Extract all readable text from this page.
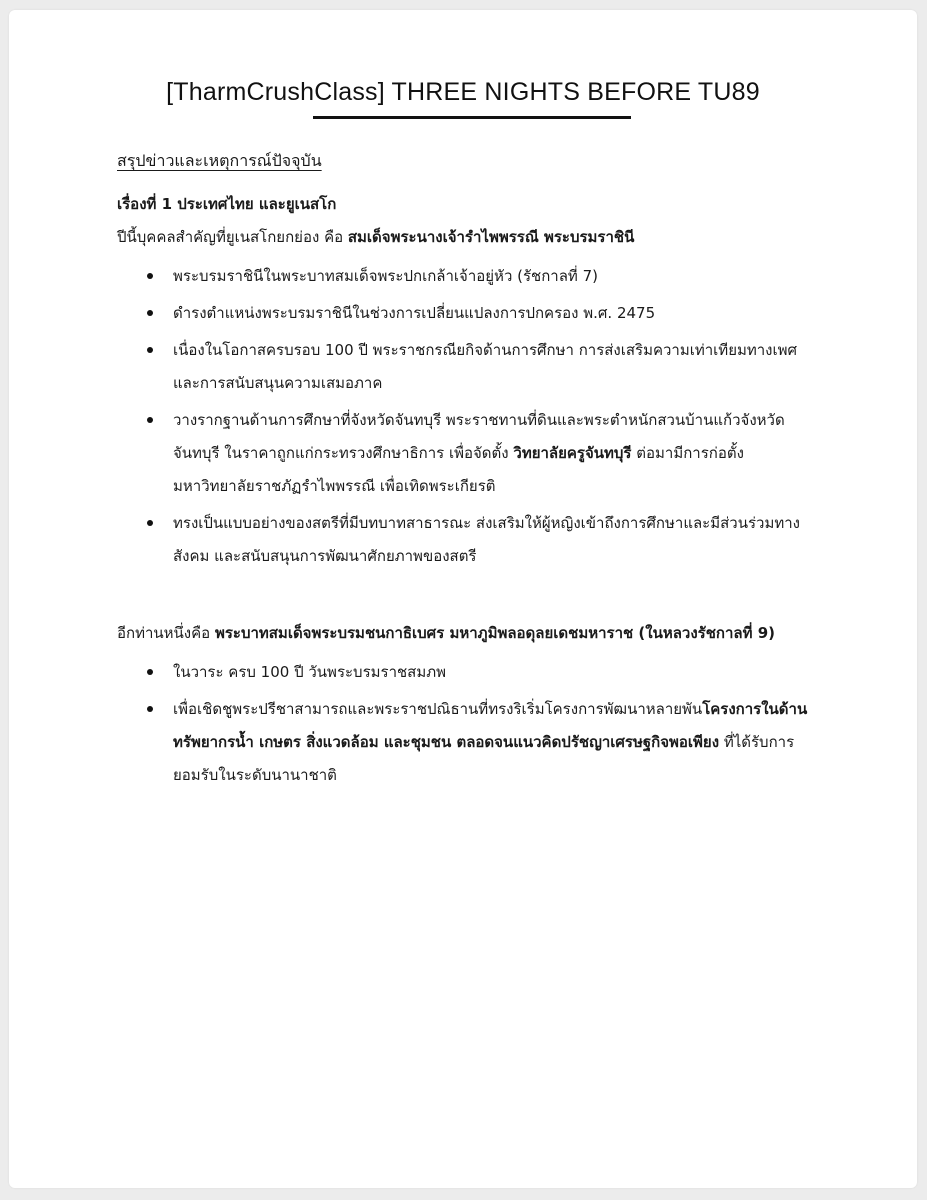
[TharmCrushClass] THREE NIGHTS BEFORE TU89
สรุปข่าวและเหตุการณ์ปัจจุบัน
เรื่องที่ 1 ประเทศไทย และยูเนสโก

ปีนี้บุคคลสำคัญที่ยูเนสโกยกย่อง คือ สมเด็จพระนางเจ้ารำไพพรรณี พระบรมราชินี

พระบรมราชินีในพระบาทสมเด็จพระปกเกล้าเจ้าอยู่หัว (รัชกาลที่ 7)
ดำรงตำแหน่งพระบรมราชินีในช่วงการเปลี่ยนแปลงการปกครอง พ.ศ. 2475
เนื่องในโอกาสครบรอบ 100 ปี พระราชกรณียกิจด้านการศึกษา การส่งเสริมความเท่าเทียมทางเพศ และการสนับสนุนความเสมอภาค
วางรากฐานด้านการศึกษาที่จังหวัดจันทบุรี พระราชทานที่ดินและพระตำหนักสวนบ้านแก้วจังหวัดจันทบุรี ในราคาถูกแก่กระทรวงศึกษาธิการ เพื่อจัดตั้ง วิทยาลัยครูจันทบุรี ต่อมามีการก่อตั้ง มหาวิทยาลัยราชภัฏรำไพพรรณี เพื่อเทิดพระเกียรติ
ทรงเป็นแบบอย่างของสตรีที่มีบทบาทสาธารณะ ส่งเสริมให้ผู้หญิงเข้าถึงการศึกษาและมีส่วนร่วมทางสังคม และสนับสนุนการพัฒนาศักยภาพของสตรี

อีกท่านหนึ่งคือ พระบาทสมเด็จพระบรมชนกาธิเบศร มหาภูมิพลอดุลยเดชมหาราช (ในหลวงรัชกาลที่ 9)

ในวาระ ครบ 100 ปี วันพระบรมราชสมภพ
เพื่อเชิดชูพระปรีชาสามารถและพระราชปณิธานที่ทรงริเริ่มโครงการพัฒนาหลายพันโครงการในด้านทรัพยากรน้ำ เกษตร สิ่งแวดล้อม และชุมชน ตลอดจนแนวคิดปรัชญาเศรษฐกิจพอเพียง ที่ได้รับการยอมรับในระดับนานาชาติ
